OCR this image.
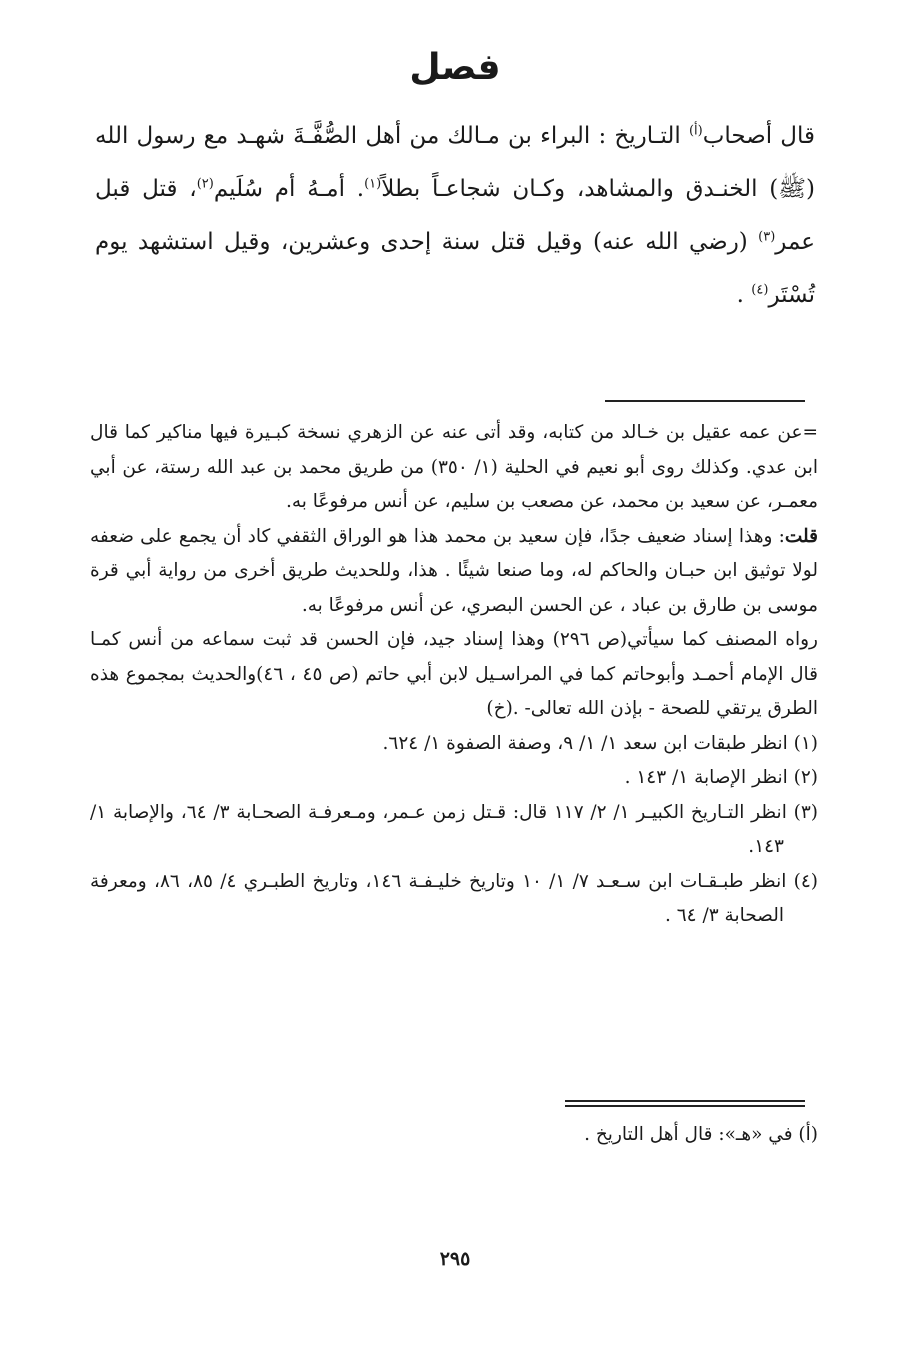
فصل

قال أصحاب$^{(أ)}$ التـاريخ : البراء بن مـالك من أهل الصُّفَّـةَ شهـد مع رسول الله (ﷺ) الخنـدق والمشاهد، وكـان شجاعـاً بطلاً$^{(١)}$. أمـهُ أم سُلَيم$^{(٢)}$، قتل قبل عمر$^{(٣)}$ (رضي الله عنه) وقيل قتل سنة إحدى وعشرين، وقيل استشهد يوم تُسْتَر$^{(٤)}$ .

=عن عمه عقيل بن خـالد من كتابه، وقد أتى عنه عن الزهري نسخة كبـيرة فيها مناكير كما قال ابن عدي. وكذلك روى أبو نعيم في الحلية (١/ ٣٥٠) من طريق محمد بن عبد الله رستة، عن أبي معمـر، عن سعيد بن محمد، عن مصعب بن سليم، عن أنس مرفوعًا به.

قلت: وهذا إسناد ضعيف جدًا، فإن سعيد بن محمد هذا هو الوراق الثقفي كاد أن يجمع على ضعفه لولا توثيق ابن حبـان والحاكم له، وما صنعا شيئًا . هذا، وللحديث طريق أخرى من رواية أبي قرة موسى بن طارق بن عباد ، عن الحسن البصري، عن أنس مرفوعًا به.

رواه المصنف كما سيأتي(ص ٢٩٦) وهذا إسناد جيد، فإن الحسن قد ثبت سماعه من أنس كمـا قال الإمام أحمـد وأبوحاتم كما في المراسـيل لابن أبي حاتم (ص ٤٥ ، ٤٦)والحديث بمجموع هذه الطرق يرتقي للصحة - بإذن الله تعالى- .(خ)

(١) انظر طبقات ابن سعد ١/ ١/ ٩، وصفة الصفوة ١/ ٦٢٤.

(٢) انظر الإصابة ١/ ١٤٣ .

(٣) انظر التـاريخ الكبيـر ١/ ٢/ ١١٧ قال: قـتل زمن عـمر، ومـعرفـة الصحـابة ٣/ ٦٤، والإصابة ١/ ١٤٣.

(٤) انظر طبـقـات ابن سـعـد ٧/ ١/ ١٠ وتاريخ خليـفـة ١٤٦، وتاريخ الطبـري ٤/ ٨٥، ٨٦، ومعرفة الصحابة ٣/ ٦٤ .

(أ) في «هـ»: قال أهل التاريخ .
٢٩٥
